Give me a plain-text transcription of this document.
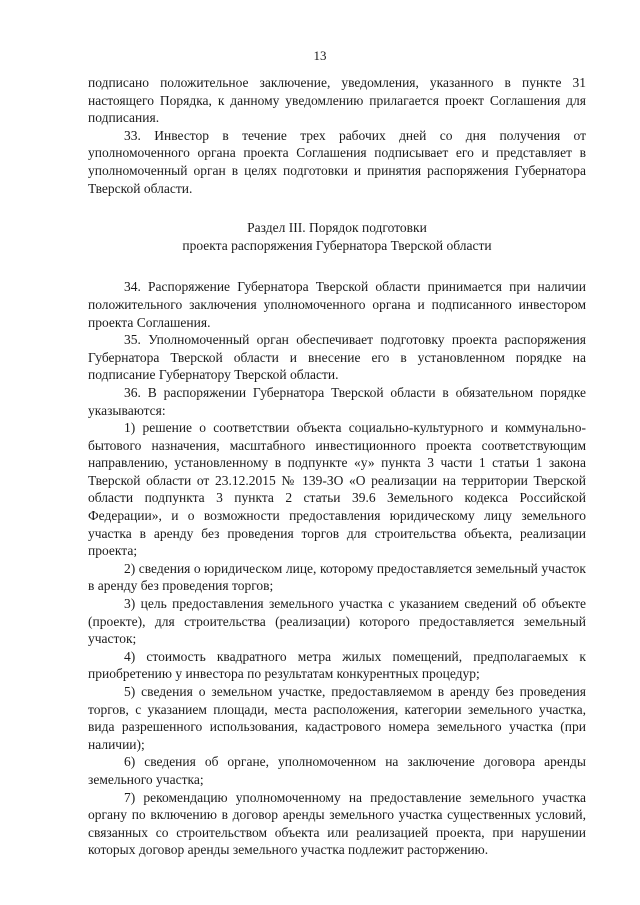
13

подписано положительное заключение, уведомления, указанного в пункте 31 настоящего Порядка, к данному уведомлению прилагается проект Соглашения для подписания.

33. Инвестор в течение трех рабочих дней со дня получения от уполномоченного органа проекта Соглашения подписывает его и представляет в уполномоченный орган в целях подготовки и принятия распоряжения Губернатора Тверской области.

Раздел III. Порядок подготовки
проекта распоряжения Губернатора Тверской области

34. Распоряжение Губернатора Тверской области принимается при наличии положительного заключения уполномоченного органа и подписанного инвестором проекта Соглашения.

35. Уполномоченный орган обеспечивает подготовку проекта распоряжения Губернатора Тверской области и внесение его в установленном порядке на подписание Губернатору Тверской области.

36. В распоряжении Губернатора Тверской области в обязательном порядке указываются:

1) решение о соответствии объекта социально-культурного и коммунально-бытового назначения, масштабного инвестиционного проекта соответствующим направлению, установленному в подпункте «у» пункта 3 части 1 статьи 1 закона Тверской области от 23.12.2015 № 139-ЗО «О реализации на территории Тверской области подпункта 3 пункта 2 статьи 39.6 Земельного кодекса Российской Федерации», и о возможности предоставления юридическому лицу земельного участка в аренду без проведения торгов для строительства объекта, реализации проекта;

2) сведения о юридическом лице, которому предоставляется земельный участок в аренду без проведения торгов;

3) цель предоставления земельного участка с указанием сведений об объекте (проекте), для строительства (реализации) которого предоставляется земельный участок;

4) стоимость квадратного метра жилых помещений, предполагаемых к приобретению у инвестора по результатам конкурентных процедур;

5) сведения о земельном участке, предоставляемом в аренду без проведения торгов, с указанием площади, места расположения, категории земельного участка, вида разрешенного использования, кадастрового номера земельного участка (при наличии);

6) сведения об органе, уполномоченном на заключение договора аренды земельного участка;

7) рекомендацию уполномоченному на предоставление земельного участка органу по включению в договор аренды земельного участка существенных условий, связанных со строительством объекта или реализацией проекта, при нарушении которых договор аренды земельного участка подлежит расторжению.
